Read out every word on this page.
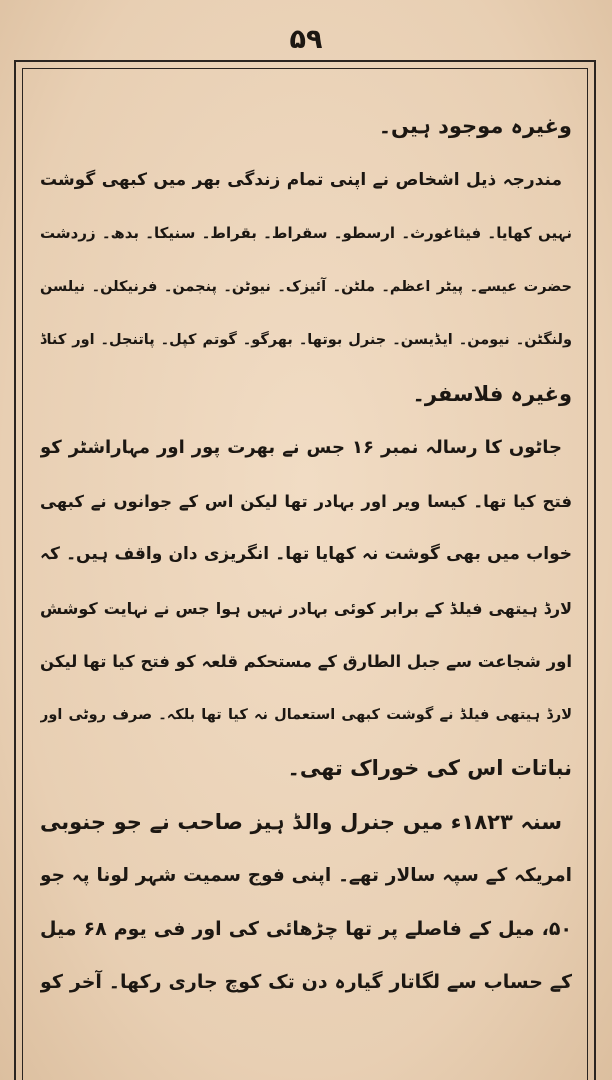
۵۹
وغیرہ موجود ہیں۔
مندرجہ ذیل اشخاص نے اپنی تمام زندگی بھر میں کبھی گوشت
نہیں کھایا۔ فیثاغورث۔ ارسطو۔ سقراط۔ بقراط۔ سنیکا۔ بدھ۔ زردشت
حضرت عیسے۔ پیٹر اعظم۔ ملٹن۔ آئیزک۔ نیوٹن۔ پنجمن۔ فرنیکلن۔ نیلسن
ولنگٹن۔ نیومن۔ ایڈیسن۔ جنرل بوتھا۔ بھرگو۔ گوتم کپل۔ پاتنجل۔ اور کناڈ
وغیرہ فلاسفر۔
جاٹوں کا رسالہ نمبر ۱۶ جس نے بھرت پور اور مہاراشٹر کو
فتح کیا تھا۔ کیسا ویر اور بہادر تھا لیکن اس کے جوانوں نے کبھی
خواب میں بھی گوشت نہ کھایا تھا۔ انگریزی دان واقف ہیں۔ کہ
لارڈ ہیتھی فیلڈ کے برابر کوئی بہادر نہیں ہوا جس نے نہایت کوشش
اور شجاعت سے جبل الطارق کے مستحکم قلعہ کو فتح کیا تھا لیکن
لارڈ ہیتھی فیلڈ نے گوشت کبھی استعمال نہ کیا تھا بلکہ۔ صرف روٹی اور
نباتات اس کی خوراک تھی۔
سنہ ۱۸۲۳ء میں جنرل والڈ ہیز صاحب نے جو جنوبی
امریکہ کے سپہ سالار تھے۔ اپنی فوج سمیت شہر لونا پہ جو
۵۰، میل کے فاصلے پر تھا چڑھائی کی اور فی یوم ۶۸ میل
کے حساب سے لگاتار گیارہ دن تک کوچ جاری رکھا۔ آخر کو
